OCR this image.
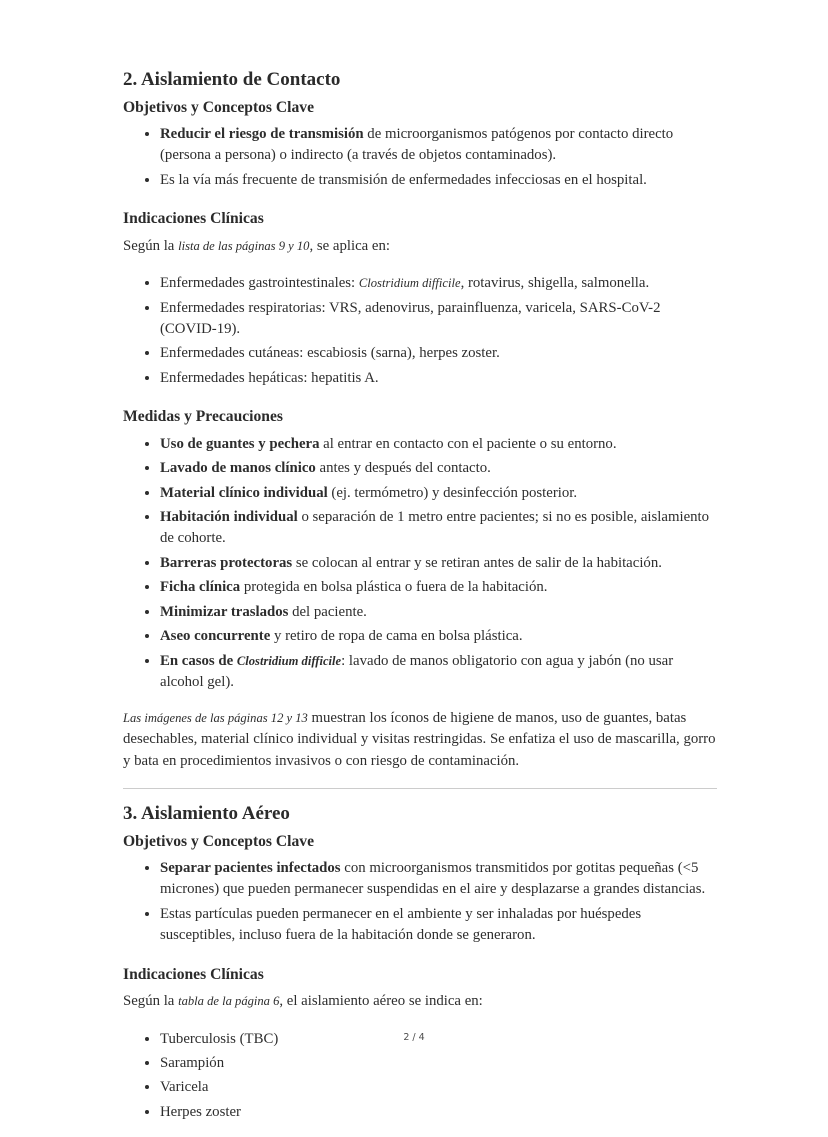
2. Aislamiento de Contacto
Objetivos y Conceptos Clave
• Reducir el riesgo de transmisión de microorganismos patógenos por contacto directo (persona a persona) o indirecto (a través de objetos contaminados).
• Es la vía más frecuente de transmisión de enfermedades infecciosas en el hospital.
Indicaciones Clínicas

Según la lista de las páginas 9 y 10, se aplica en:

• Enfermedades gastrointestinales: Clostridium difficile, rotavirus, shigella, salmonella.
• Enfermedades respiratorias: VRS, adenovirus, parainfluenza, varicela, SARS-CoV-2 (COVID-19).
• Enfermedades cutáneas: escabiosis (sarna), herpes zoster.
• Enfermedades hepáticas: hepatitis A.
Medidas y Precauciones
• Uso de guantes y pechera al entrar en contacto con el paciente o su entorno.
• Lavado de manos clínico antes y después del contacto.
• Material clínico individual (ej. termómetro) y desinfección posterior.
• Habitación individual o separación de 1 metro entre pacientes; si no es posible, aislamiento de cohorte.
• Barreras protectoras se colocan al entrar y se retiran antes de salir de la habitación.
• Ficha clínica protegida en bolsa plástica o fuera de la habitación.
• Minimizar traslados del paciente.
• Aseo concurrente y retiro de ropa de cama en bolsa plástica.
• En casos de Clostridium difficile: lavado de manos obligatorio con agua y jabón (no usar alcohol gel).

Las imágenes de las páginas 12 y 13 muestran los íconos de higiene de manos, uso de guantes, batas desechables, material clínico individual y visitas restringidas. Se enfatiza el uso de mascarilla, gorro y bata en procedimientos invasivos o con riesgo de contaminación.

3. Aislamiento Aéreo
Objetivos y Conceptos Clave
• Separar pacientes infectados con microorganismos transmitidos por gotitas pequeñas (<5 micrones) que pueden permanecer suspendidas en el aire y desplazarse a grandes distancias.
• Estas partículas pueden permanecer en el ambiente y ser inhaladas por huéspedes susceptibles, incluso fuera de la habitación donde se generaron.
Indicaciones Clínicas

Según la tabla de la página 6, el aislamiento aéreo se indica en:

• Tuberculosis (TBC)
• Sarampión
• Varicela
• Herpes zoster
2 / 4
